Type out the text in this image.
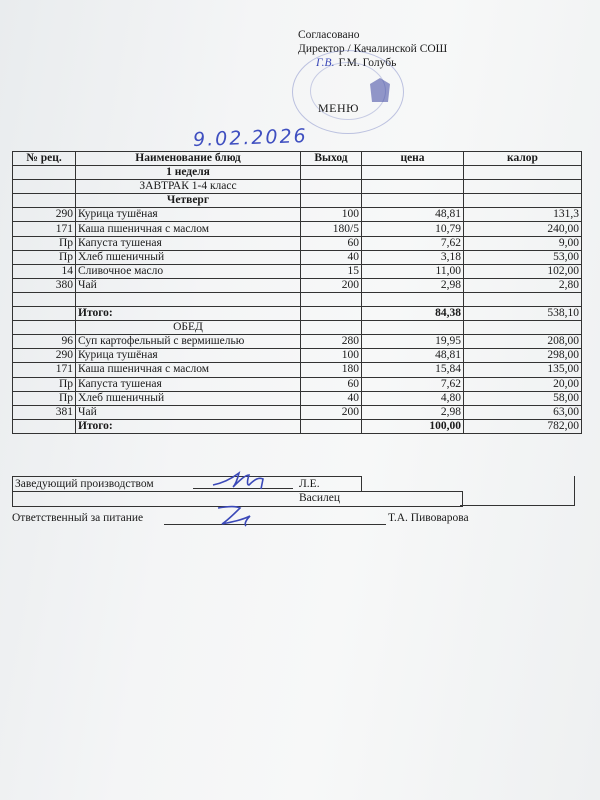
Согласовано
Директор / Качалинской СОШ
Г.В. Г.М. Голубь
МЕНЮ
9.02.2026
№ рец.	Наименование блюд	Выход	цена	калор
	1 неделя			
	ЗАВТРАК 1-4 класс			
	Четверг			
290	Курица тушёная	100	48,81	131,3
171	Каша пшеничная с маслом	180/5	10,79	240,00
Пр	Капуста тушеная	60	7,62	9,00
Пр	Хлеб пшеничный	40	3,18	53,00
14	Сливочное масло	15	11,00	102,00
380	Чай	200	2,98	2,80

	Итого:		84,38	538,10
	ОБЕД			
96	Суп картофельный с вермишелью	280	19,95	208,00
290	Курица тушёная	100	48,81	298,00
171	Каша пшеничная с маслом	180	15,84	135,00
Пр	Капуста тушеная	60	7,62	20,00
Пр	Хлеб пшеничный	40	4,80	58,00
381	Чай	200	2,98	63,00
	Итого:		100,00	782,00
Заведующий производством	Л.Е. Василец
Ответственный за питание	Т.А. Пивоварова
